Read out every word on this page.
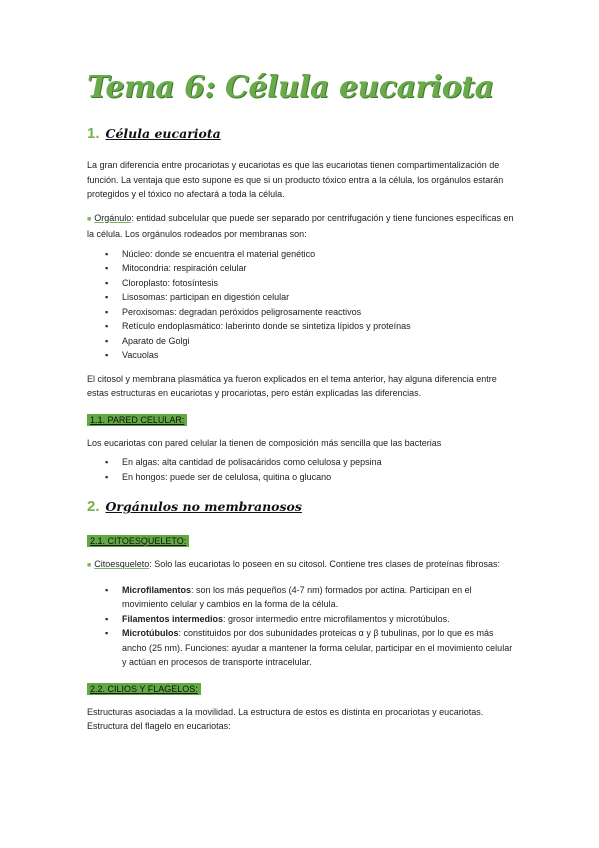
Tema 6: Célula eucariota
1. Célula eucariota

La gran diferencia entre procariotas y eucariotas es que las eucariotas tienen compartimentalización de función. La ventaja que esto supone es que si un producto tóxico entra a la célula, los orgánulos estarán protegidos y el tóxico no afectará a toda la célula.

■ Orgánulo: entidad subcelular que puede ser separado por centrifugación y tiene funciones específicas en la célula. Los orgánulos rodeados por membranas son:

▪ Núcleo: donde se encuentra el material genético
▪ Mitocondria: respiración celular
▪ Cloroplasto: fotosíntesis
▪ Lisosomas: participan en digestión celular
▪ Peroxisomas: degradan peróxidos peligrosamente reactivos
▪ Retículo endoplasmático: laberinto donde se sintetiza lípidos y proteínas
▪ Aparato de Golgi
▪ Vacuolas

El citosol y membrana plasmática ya fueron explicados en el tema anterior, hay alguna diferencia entre estas estructuras en eucariotas y procariotas, pero están explicadas las diferencias.

1.1. PARED CELULAR:

Los eucariotas con pared celular la tienen de composición más sencilla que las bacterias

▪ En algas: alta cantidad de polisacáridos como celulosa y pepsina
▪ En hongos: puede ser de celulosa, quitina o glucano
2. Orgánulos no membranosos
2.1. CITOESQUELETO:

■ Citoesqueleto: Solo las eucariotas lo poseen en su citosol. Contiene tres clases de proteínas fibrosas:

▪ Microfilamentos: son los más pequeños (4-7 nm) formados por actina. Participan en el movimiento celular y cambios en la forma de la célula.
▪ Filamentos intermedios: grosor intermedio entre microfilamentos y microtúbulos.
▪ Microtúbulos: constituidos por dos subunidades proteicas α y β tubulinas, por lo que es más ancho (25 nm). Funciones: ayudar a mantener la forma celular, participar en el movimiento celular y actúan en procesos de transporte intracelular.
2.2. CILIOS Y FLAGELOS:

Estructuras asociadas a la movilidad. La estructura de estos es distinta en procariotas y eucariotas. Estructura del flagelo en eucariotas:
